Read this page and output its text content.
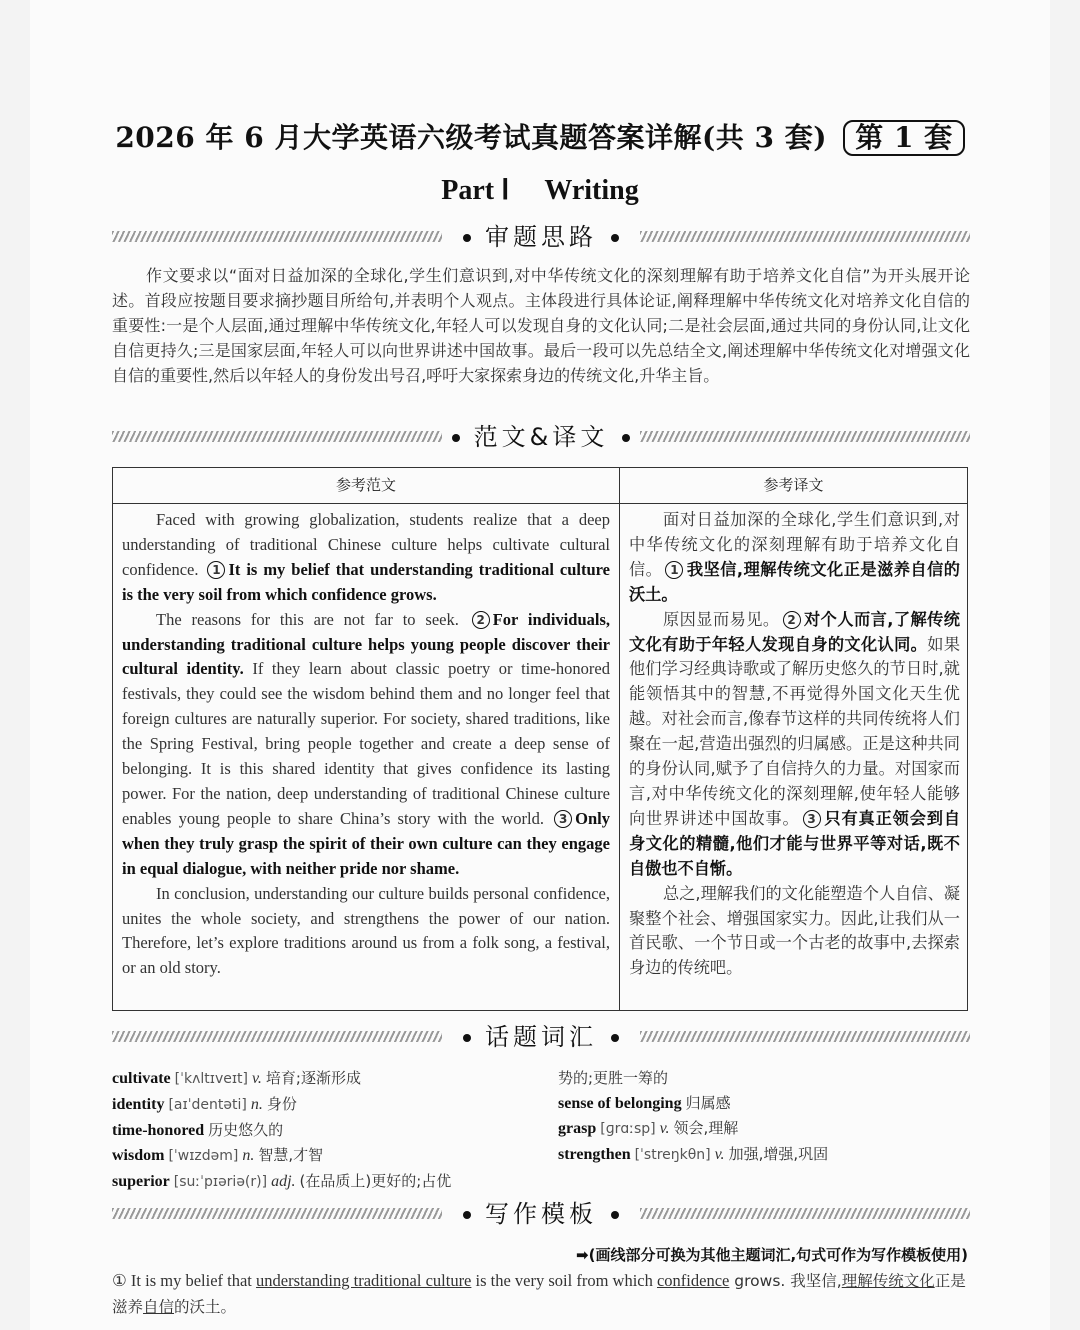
2026 年 6 月大学英语六级考试真题答案详解(共 3 套) 第 1 套
Part Ⅰ Writing
审题思路
作文要求以“面对日益加深的全球化,学生们意识到,对中华传统文化的深刻理解有助于培养文化自信”为开头展开论述。首段应按题目要求摘抄题目所给句,并表明个人观点。主体段进行具体论证,阐释理解中华传统文化对培养文化自信的重要性:一是个人层面,通过理解中华传统文化,年轻人可以发现自身的文化认同;二是社会层面,通过共同的身份认同,让文化自信更持久;三是国家层面,年轻人可以向世界讲述中国故事。最后一段可以先总结全文,阐述理解中华传统文化对增强文化自信的重要性,然后以年轻人的身份发出号召,呼吁大家探索身边的传统文化,升华主旨。
范文&译文
参考范文	参考译文

Faced with growing globalization, students realize that a deep understanding of traditional Chinese culture helps cultivate cultural confidence. 1 It is my belief that understanding traditional culture is the very soil from which confidence grows.

The reasons for this are not far to seek. 2 For individuals, understanding traditional culture helps young people discover their cultural identity. If they learn about classic poetry or time-honored festivals, they could see the wisdom behind them and no longer feel that foreign cultures are naturally superior. For society, shared traditions, like the Spring Festival, bring people together and create a deep sense of belonging. It is this shared identity that gives confidence its lasting power. For the nation, deep understanding of traditional Chinese culture enables young people to share China’s story with the world. 3 Only when they truly grasp the spirit of their own culture can they engage in equal dialogue, with neither pride nor shame.

In conclusion, understanding our culture builds personal confidence, unites the whole society, and strengthens the power of our nation. Therefore, let’s explore traditions around us from a folk song, a festival, or an old story.

面对日益加深的全球化,学生们意识到,对中华传统文化的深刻理解有助于培养文化自信。 1 我坚信,理解传统文化正是滋养自信的沃土。

原因显而易见。 2 对个人而言,了解传统文化有助于年轻人发现自身的文化认同。如果他们学习经典诗歌或了解历史悠久的节日时,就能领悟其中的智慧,不再觉得外国文化天生优越。对社会而言,像春节这样的共同传统将人们聚在一起,营造出强烈的归属感。正是这种共同的身份认同,赋予了自信持久的力量。对国家而言,对中华传统文化的深刻理解,使年轻人能够向世界讲述中国故事。 3 只有真正领会到自身文化的精髓,他们才能与世界平等对话,既不自傲也不自惭。

总之,理解我们的文化能塑造个人自信、凝聚整个社会、增强国家实力。因此,让我们从一首民歌、一个节日或一个古老的故事中,去探索身边的传统吧。

话题词汇
cultivate [ˈkʌltɪveɪt] v. 培育;逐渐形成
identity [aɪˈdentəti] n. 身份
time-honored 历史悠久的
wisdom [ˈwɪzdəm] n. 智慧,才智
superior [suːˈpɪəriə(r)] adj. (在品质上)更好的;占优
势的;更胜一筹的
sense of belonging 归属感
grasp [ɡrɑːsp] v. 领会,理解
strengthen [ˈstreŋkθn] v. 加强,增强,巩固
写作模板
➡(画线部分可换为其他主题词汇,句式可作为写作模板使用)
① It is my belief that understanding traditional culture is the very soil from which confidence grows. 我坚信,理解传统文化正是滋养自信的沃土。
